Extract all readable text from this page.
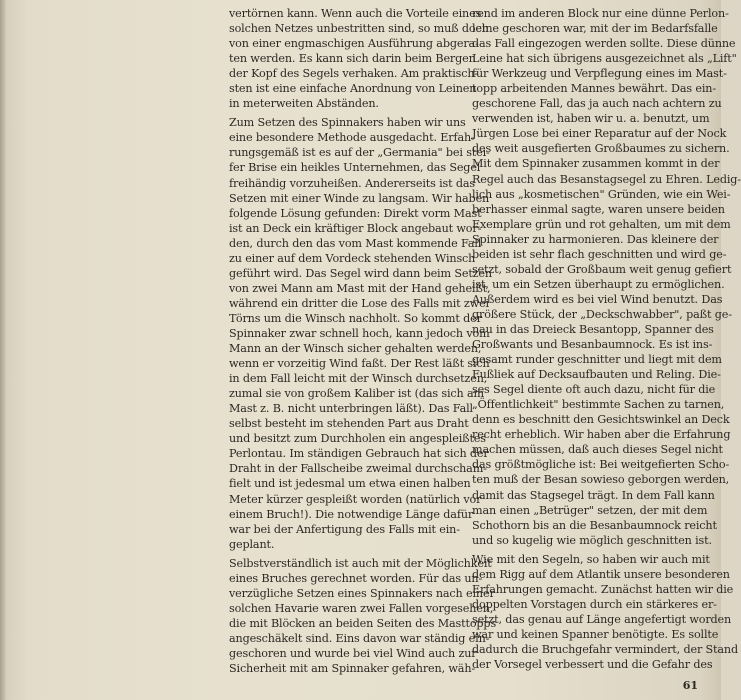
vertörnen kann. Wenn auch die Vorteile eines
solchen Netzes unbestritten sind, so muß doch
von einer engmaschigen Ausführung abgera-
ten werden. Es kann sich darin beim Bergen
der Kopf des Segels verhaken. Am praktisch-
sten ist eine einfache Anordnung von Leinen
in meterweiten Abständen.

Zum Setzen des Spinnakers haben wir uns
eine besondere Methode ausgedacht. Erfah-
rungsgemäß ist es auf der „Germania" bei stei-
fer Brise ein heikles Unternehmen, das Segel
freihändig vorzuheißen. Andererseits ist das
Setzen mit einer Winde zu langsam. Wir haben
folgende Lösung gefunden: Direkt vorm Mast
ist an Deck ein kräftiger Block angebaut wor-
den, durch den das vom Mast kommende Fall
zu einer auf dem Vordeck stehenden Winsch
geführt wird. Das Segel wird dann beim Setzen
von zwei Mann am Mast mit der Hand geheißt,
während ein dritter die Lose des Falls mit zwei
Törns um die Winsch nachholt. So kommt der
Spinnaker zwar schnell hoch, kann jedoch vom
Mann an der Winsch sicher gehalten werden,
wenn er vorzeitig Wind faßt. Der Rest läßt sich
in dem Fall leicht mit der Winsch durchsetzen,
zumal sie von großem Kaliber ist (das sich am
Mast z. B. nicht unterbringen läßt). Das Fall
selbst besteht im stehenden Part aus Draht
und besitzt zum Durchholen ein angespleißtes
Perlontau. Im ständigen Gebrauch hat sich der
Draht in der Fallscheibe zweimal durchscham-
fielt und ist jedesmal um etwa einen halben
Meter kürzer gespleißt worden (natürlich vor
einem Bruch!). Die notwendige Länge dafür
war bei der Anfertigung des Falls mit ein-
geplant.

Selbstverständlich ist auch mit der Möglichkeit
eines Bruches gerechnet worden. Für das un-
verzügliche Setzen eines Spinnakers nach einer
solchen Havarie waren zwei Fallen vorgesehen,
die mit Blöcken an beiden Seiten des Masttopps
angeschäkelt sind. Eins davon war ständig ein-
geschoren und wurde bei viel Wind auch zur
Sicherheit mit am Spinnaker gefahren, wäh-

rend im anderen Block nur eine dünne Perlon-
leine geschoren war, mit der im Bedarfsfalle
das Fall eingezogen werden sollte. Diese dünne
Leine hat sich übrigens ausgezeichnet als „Lift"
für Werkzeug und Verpflegung eines im Mast-
topp arbeitenden Mannes bewährt. Das ein-
geschorene Fall, das ja auch nach achtern zu
verwenden ist, haben wir u. a. benutzt, um
Jürgen Lose bei einer Reparatur auf der Nock
des weit ausgefierten Großbaumes zu sichern.
Mit dem Spinnaker zusammen kommt in der
Regel auch das Besanstagsegel zu Ehren. Ledig-
lich aus „kosmetischen" Gründen, wie ein Wei-
berhasser einmal sagte, waren unsere beiden
Exemplare grün und rot gehalten, um mit dem
Spinnaker zu harmonieren. Das kleinere der
beiden ist sehr flach geschnitten und wird ge-
setzt, sobald der Großbaum weit genug gefiert
ist, um ein Setzen überhaupt zu ermöglichen.
Außerdem wird es bei viel Wind benutzt. Das
größere Stück, der „Deckschwabber", paßt ge-
nau in das Dreieck Besantopp, Spanner des
Großwants und Besanbaumnock. Es ist ins-
gesamt runder geschnitter und liegt mit dem
Fußliek auf Decksaufbauten und Reling. Die-
ses Segel diente oft auch dazu, nicht für die
„Öffentlichkeit" bestimmte Sachen zu tarnen,
denn es beschnitt den Gesichtswinkel an Deck
recht erheblich. Wir haben aber die Erfahrung
machen müssen, daß auch dieses Segel nicht
das größtmögliche ist: Bei weitgefierten Scho-
ten muß der Besan sowieso geborgen werden,
damit das Stagsegel trägt. In dem Fall kann
man einen „Betrüger" setzen, der mit dem
Schothorn bis an die Besanbaumnock reicht
und so kugelig wie möglich geschnitten ist.

Wie mit den Segeln, so haben wir auch mit
dem Rigg auf dem Atlantik unsere besonderen
Erfahrungen gemacht. Zunächst hatten wir die
doppelten Vorstagen durch ein stärkeres er-
setzt, das genau auf Länge angefertigt worden
war und keinen Spanner benötigte. Es sollte
dadurch die Bruchgefahr vermindert, der Stand
der Vorsegel verbessert und die Gefahr des

61
